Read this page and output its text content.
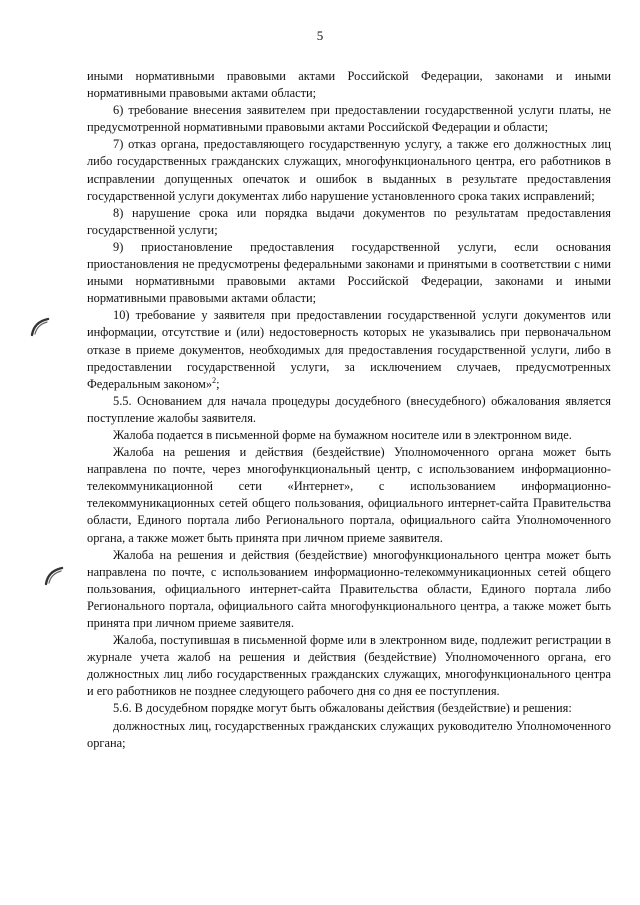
5

иными нормативными правовыми актами Российской Федерации, законами и иными нормативными правовыми актами области;

6) требование внесения заявителем при предоставлении государственной услуги платы, не предусмотренной нормативными правовыми актами Российской Федерации и области;

7) отказ органа, предоставляющего государственную услугу, а также его должностных лиц либо государственных гражданских служащих, многофункционального центра, его работников в исправлении допущенных опечаток и ошибок в выданных в результате предоставления государственной услуги документах либо нарушение установленного срока таких исправлений;

8) нарушение срока или порядка выдачи документов по результатам предоставления государственной услуги;

9) приостановление предоставления государственной услуги, если основания приостановления не предусмотрены федеральными законами и принятыми в соответствии с ними иными нормативными правовыми актами Российской Федерации, законами и иными нормативными правовыми актами области;

10) требование у заявителя при предоставлении государственной услуги документов или информации, отсутствие и (или) недостоверность которых не указывались при первоначальном отказе в приеме документов, необходимых для предоставления государственной услуги, либо в предоставлении государственной услуги, за исключением случаев, предусмотренных Федеральным законом»$^2$;

5.5. Основанием для начала процедуры досудебного (внесудебного) обжалования является поступление жалобы заявителя.

Жалоба подается в письменной форме на бумажном носителе или в электронном виде.

Жалоба на решения и действия (бездействие) Уполномоченного органа может быть направлена по почте, через многофункциональный центр, с использованием информационно-телекоммуникационной сети «Интернет», с использованием информационно-телекоммуникационных сетей общего пользования, официального интернет-сайта Правительства области, Единого портала либо Регионального портала, официального сайта Уполномоченного органа, а также может быть принята при личном приеме заявителя.

Жалоба на решения и действия (бездействие) многофункционального центра может быть направлена по почте, с использованием информационно-телекоммуникационных сетей общего пользования, официального интернет-сайта Правительства области, Единого портала либо Регионального портала, официального сайта многофункционального центра, а также может быть принята при личном приеме заявителя.

Жалоба, поступившая в письменной форме или в электронном виде, подлежит регистрации в журнале учета жалоб на решения и действия (бездействие) Уполномоченного органа, его должностных лиц либо государственных гражданских служащих, многофункционального центра и его работников не позднее следующего рабочего дня со дня ее поступления.

5.6. В досудебном порядке могут быть обжалованы действия (бездействие) и решения:

должностных лиц, государственных гражданских служащих руководителю Уполномоченного органа;
